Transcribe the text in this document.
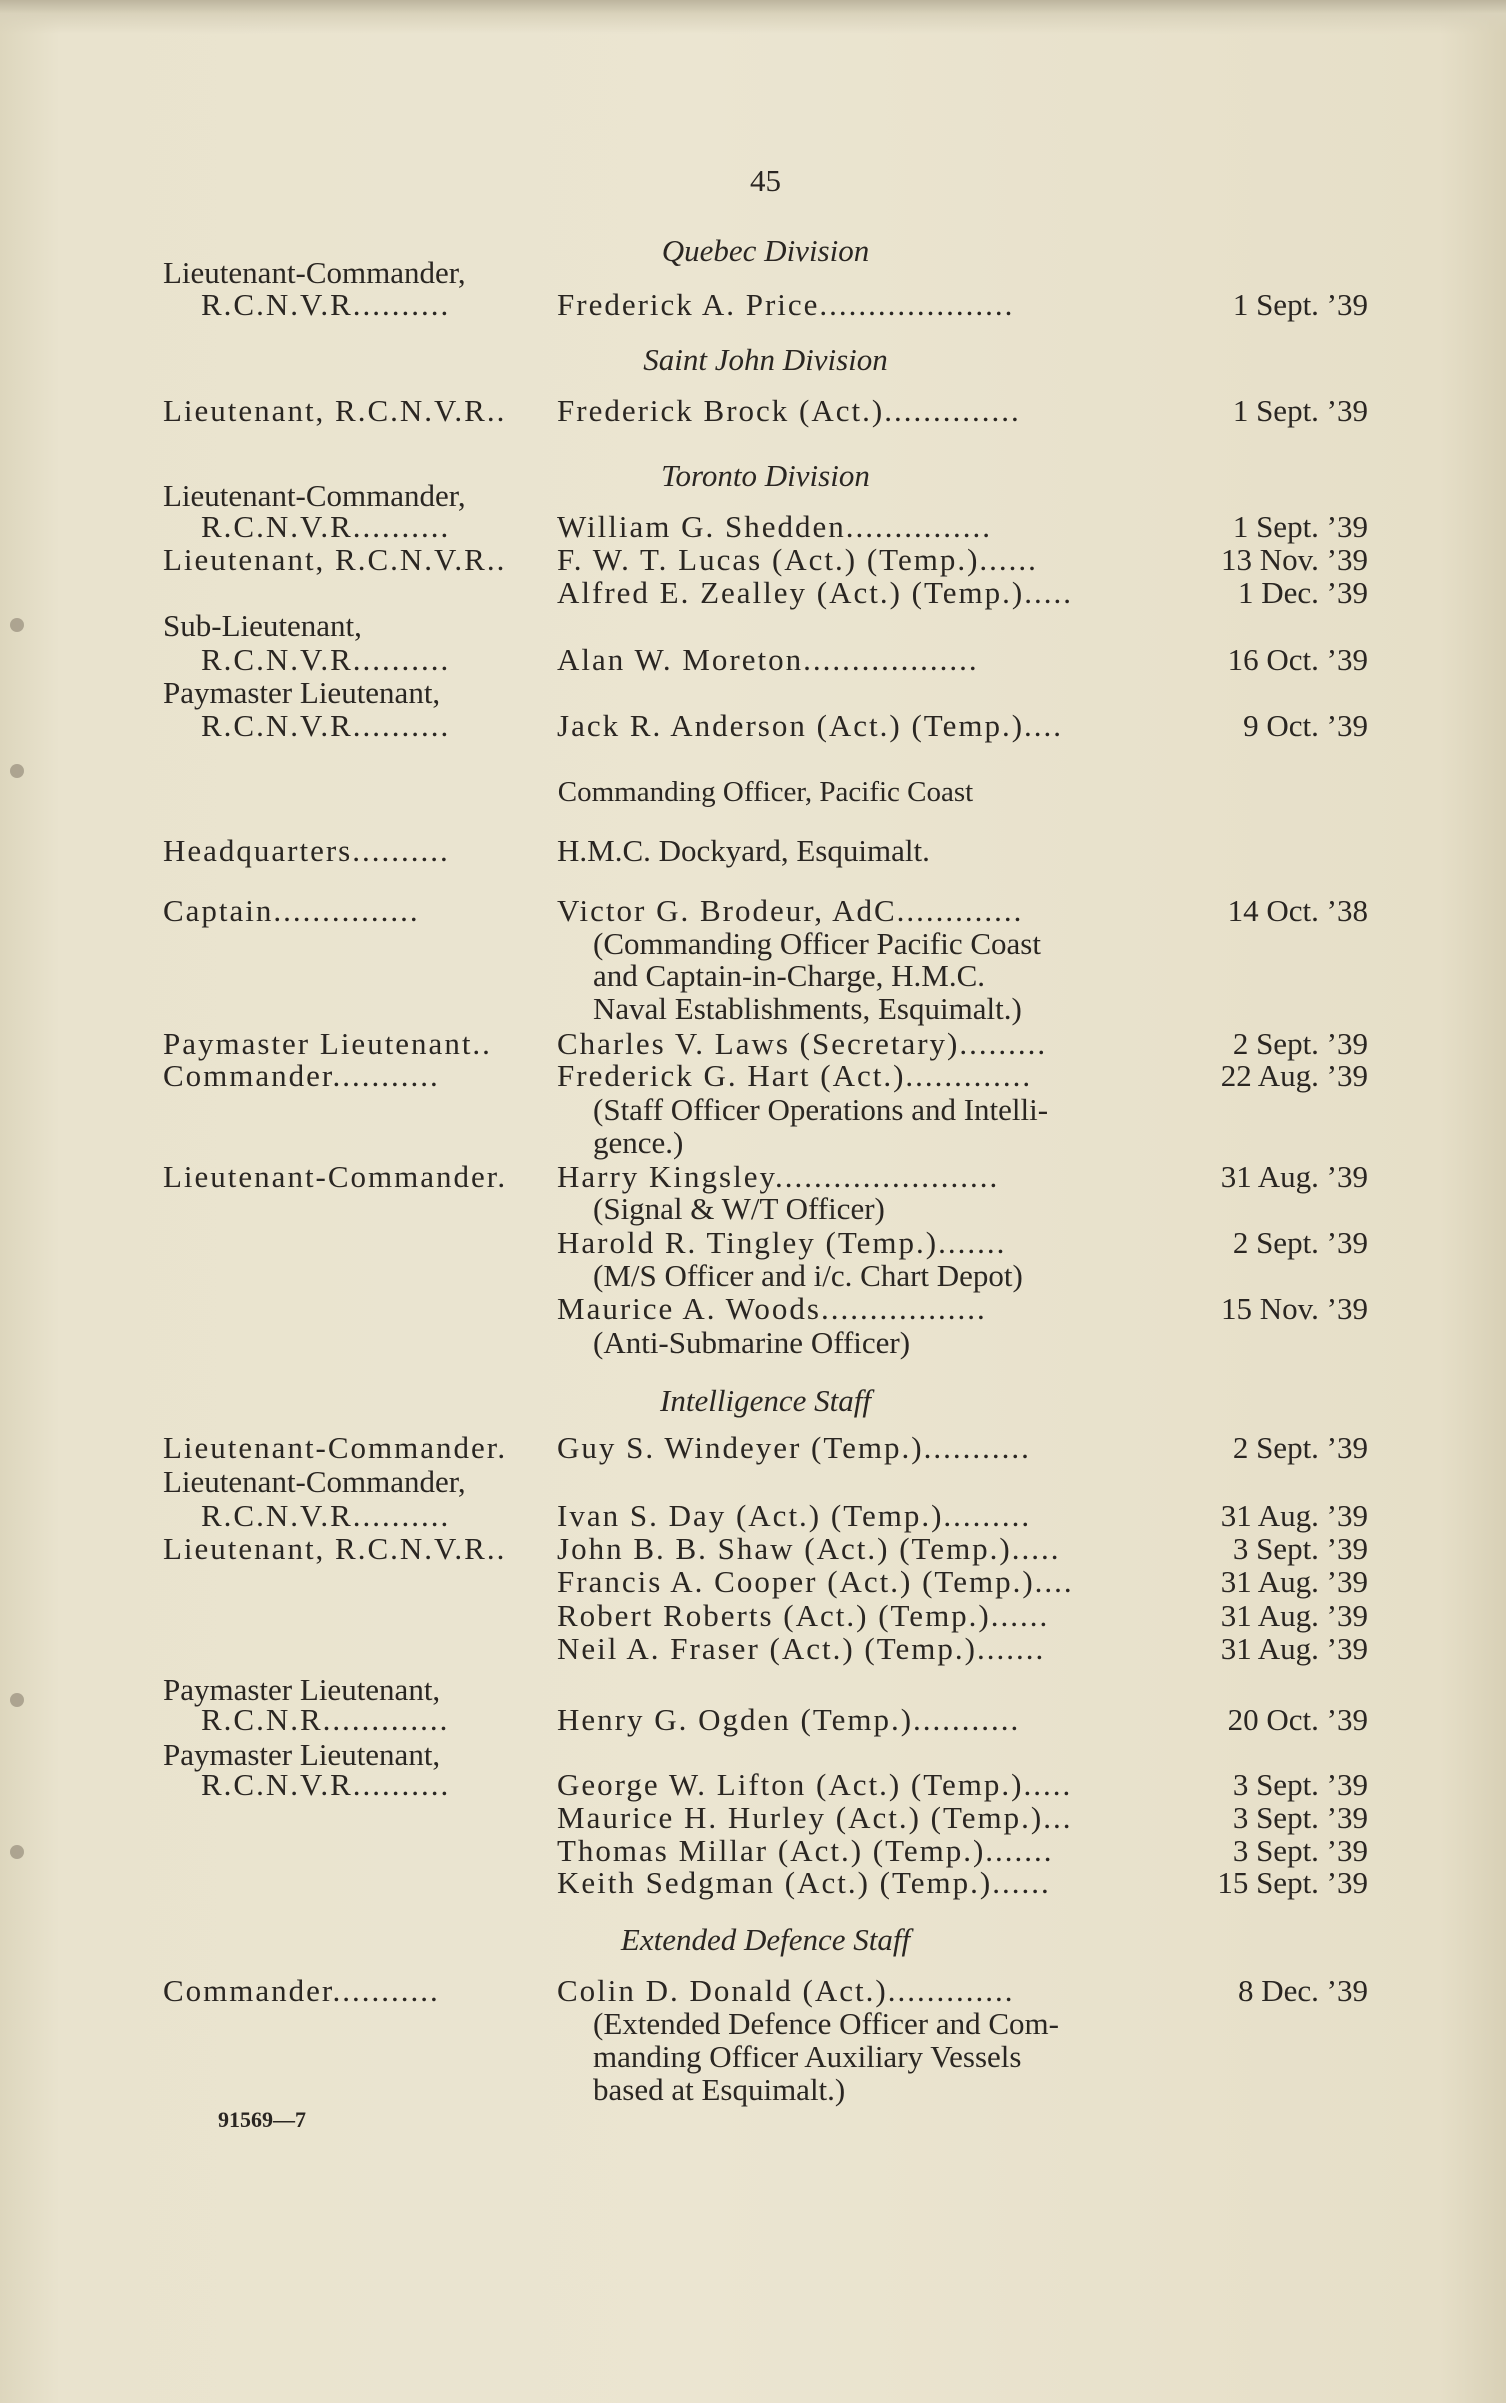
45
Quebec Division
Lieutenant-Commander,
R.C.N.V.R..........	Frederick A. Price....................	1 Sept. ’39
Saint John Division
Lieutenant, R.C.N.V.R.. Frederick Brock (Act.)..............	1 Sept. ’39
Toronto Division
Lieutenant-Commander,
R.C.N.V.R..........	William G. Shedden...............	1 Sept. ’39
Lieutenant, R.C.N.V.R.. F. W. T. Lucas (Act.) (Temp.)......	13 Nov. ’39
Alfred E. Zealley (Act.) (Temp.).....	1 Dec. ’39
Sub-Lieutenant,
R.C.N.V.R..........	Alan W. Moreton..................	16 Oct. ’39
Paymaster Lieutenant,
R.C.N.V.R..........	Jack R. Anderson (Act.) (Temp.)....	9 Oct. ’39
Commanding Officer, Pacific Coast
Headquarters..........	H.M.C. Dockyard, Esquimalt.
Captain...............	Victor G. Brodeur, AdC.............	14 Oct. ’38
(Commanding Officer Pacific Coast
and Captain-in-Charge, H.M.C.
Naval Establishments, Esquimalt.)
Paymaster Lieutenant.. Charles V. Laws (Secretary).........	2 Sept. ’39
Commander...........	Frederick G. Hart (Act.).............	22 Aug. ’39
(Staff Officer Operations and Intelli-
gence.)
Lieutenant-Commander. Harry Kingsley.......................	31 Aug. ’39
(Signal & W/T Officer)
Harold R. Tingley (Temp.).......	2 Sept. ’39
(M/S Officer and i/c. Chart Depot)
Maurice A. Woods.................	15 Nov. ’39
(Anti-Submarine Officer)
Intelligence Staff
Lieutenant-Commander. Guy S. Windeyer (Temp.)...........	2 Sept. ’39
Lieutenant-Commander,
R.C.N.V.R..........	Ivan S. Day (Act.) (Temp.).........	31 Aug. ’39
Lieutenant, R.C.N.V.R.. John B. B. Shaw (Act.) (Temp.).....	3 Sept. ’39
Francis A. Cooper (Act.) (Temp.)....	31 Aug. ’39
Robert Roberts (Act.) (Temp.)......	31 Aug. ’39
Neil A. Fraser (Act.) (Temp.).......	31 Aug. ’39
Paymaster Lieutenant,
R.C.N.R.............	Henry G. Ogden (Temp.)...........	20 Oct. ’39
Paymaster Lieutenant,
R.C.N.V.R..........	George W. Lifton (Act.) (Temp.).....	3 Sept. ’39
Maurice H. Hurley (Act.) (Temp.)...	3 Sept. ’39
Thomas Millar (Act.) (Temp.).......	3 Sept. ’39
Keith Sedgman (Act.) (Temp.)......	15 Sept. ’39
Extended Defence Staff
Commander...........	Colin D. Donald (Act.).............	8 Dec. ’39
(Extended Defence Officer and Com-
manding Officer Auxiliary Vessels
based at Esquimalt.)
91569—7
